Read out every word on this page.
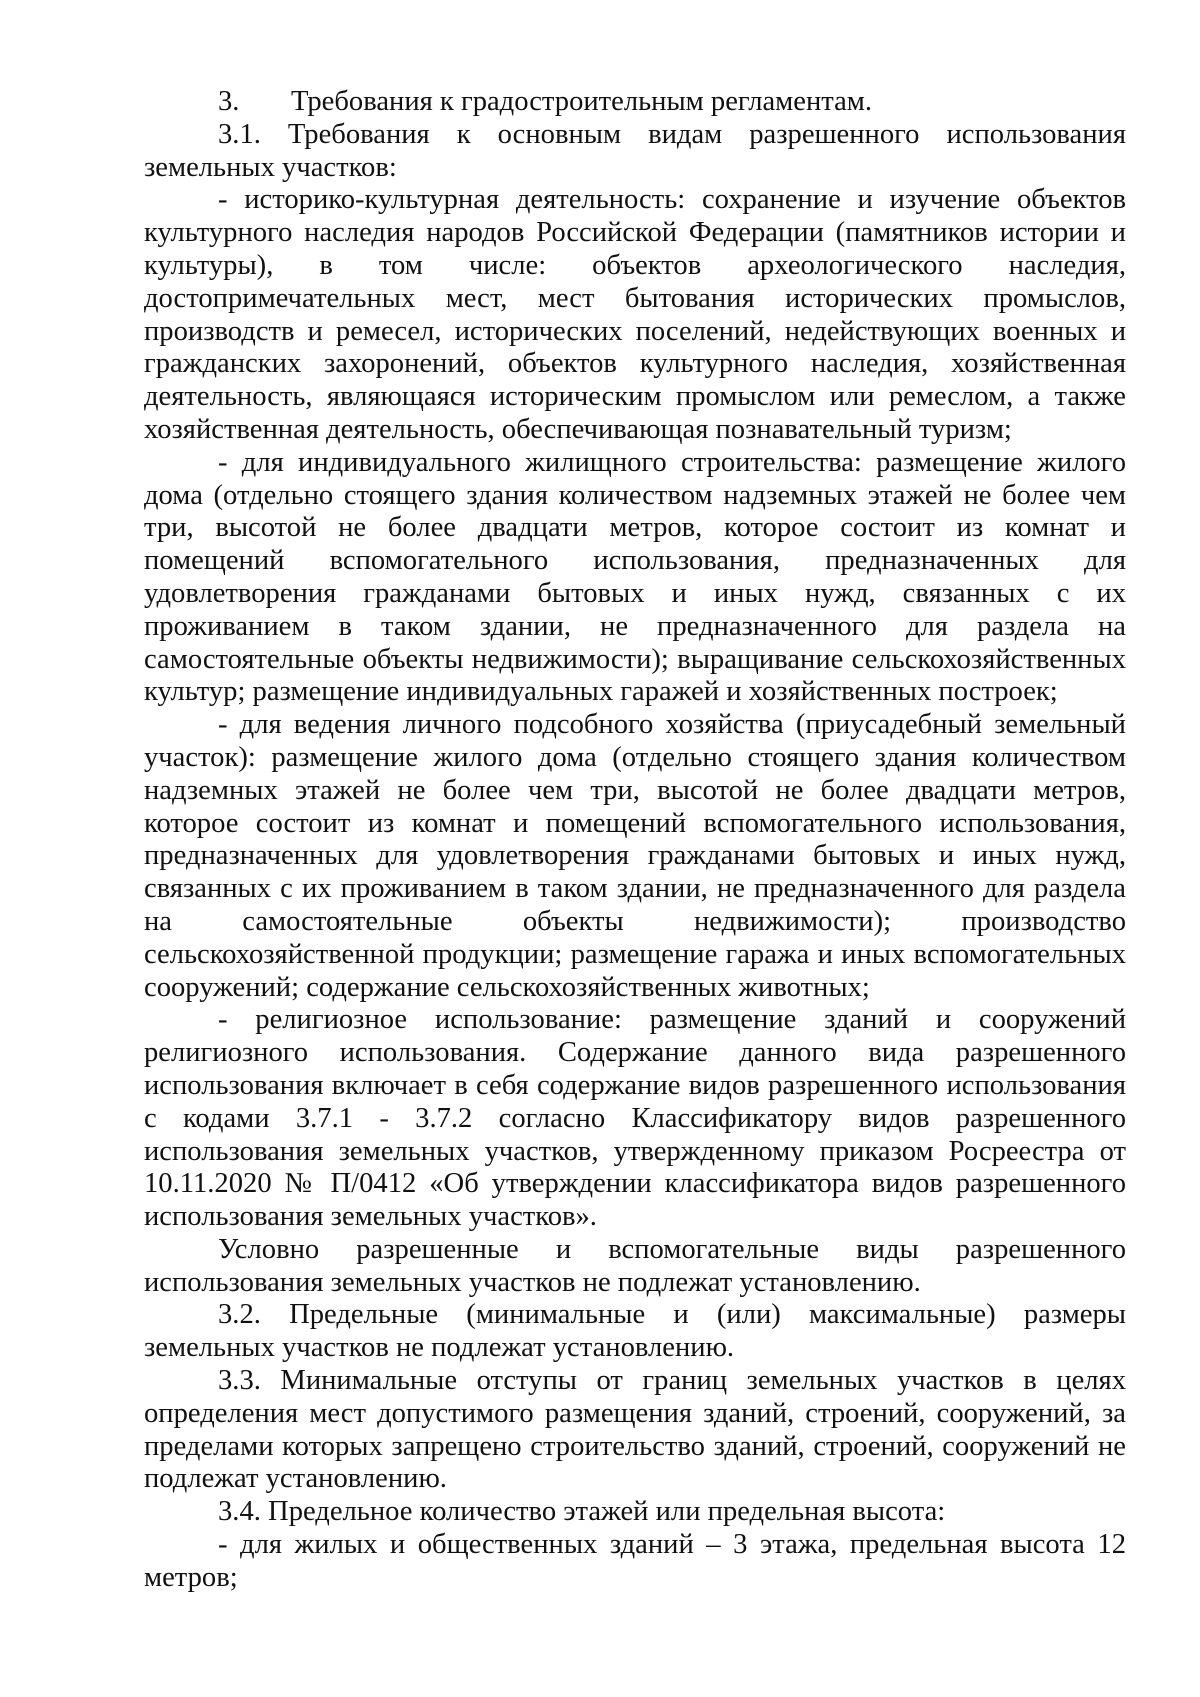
3.	Требования к градостроительным регламентам.

3.1. Требования к основным видам разрешенного использования земельных участков:

- историко-культурная деятельность: сохранение и изучение объектов культурного наследия народов Российской Федерации (памятников истории и культуры), в том числе: объектов археологического наследия, достопримечательных мест, мест бытования исторических промыслов, производств и ремесел, исторических поселений, недействующих военных и гражданских захоронений, объектов культурного наследия, хозяйственная деятельность, являющаяся историческим промыслом или ремеслом, а также хозяйственная деятельность, обеспечивающая познавательный туризм;

- для индивидуального жилищного строительства: размещение жилого дома (отдельно стоящего здания количеством надземных этажей не более чем три, высотой не более двадцати метров, которое состоит из комнат и помещений вспомогательного использования, предназначенных для удовлетворения гражданами бытовых и иных нужд, связанных с их проживанием в таком здании, не предназначенного для раздела на самостоятельные объекты недвижимости); выращивание сельскохозяйственных культур; размещение индивидуальных гаражей и хозяйственных построек;

- для ведения личного подсобного хозяйства (приусадебный земельный участок): размещение жилого дома (отдельно стоящего здания количеством надземных этажей не более чем три, высотой не более двадцати метров, которое состоит из комнат и помещений вспомогательного использования, предназначенных для удовлетворения гражданами бытовых и иных нужд, связанных с их проживанием в таком здании, не предназначенного для раздела на самостоятельные объекты недвижимости); производство сельскохозяйственной продукции; размещение гаража и иных вспомогательных сооружений; содержание сельскохозяйственных животных;

- религиозное использование: размещение зданий и сооружений религиозного использования. Содержание данного вида разрешенного использования включает в себя содержание видов разрешенного использования с кодами 3.7.1 - 3.7.2 согласно Классификатору видов разрешенного использования земельных участков, утвержденному приказом Росреестра от 10.11.2020 № П/0412 «Об утверждении классификатора видов разрешенного использования земельных участков».

Условно разрешенные и вспомогательные виды разрешенного использования земельных участков не подлежат установлению.

3.2. Предельные (минимальные и (или) максимальные) размеры земельных участков не подлежат установлению.

3.3. Минимальные отступы от границ земельных участков в целях определения мест допустимого размещения зданий, строений, сооружений, за пределами которых запрещено строительство зданий, строений, сооружений не подлежат установлению.

3.4. Предельное количество этажей или предельная высота:

- для жилых и общественных зданий – 3 этажа, предельная высота 12 метров;
